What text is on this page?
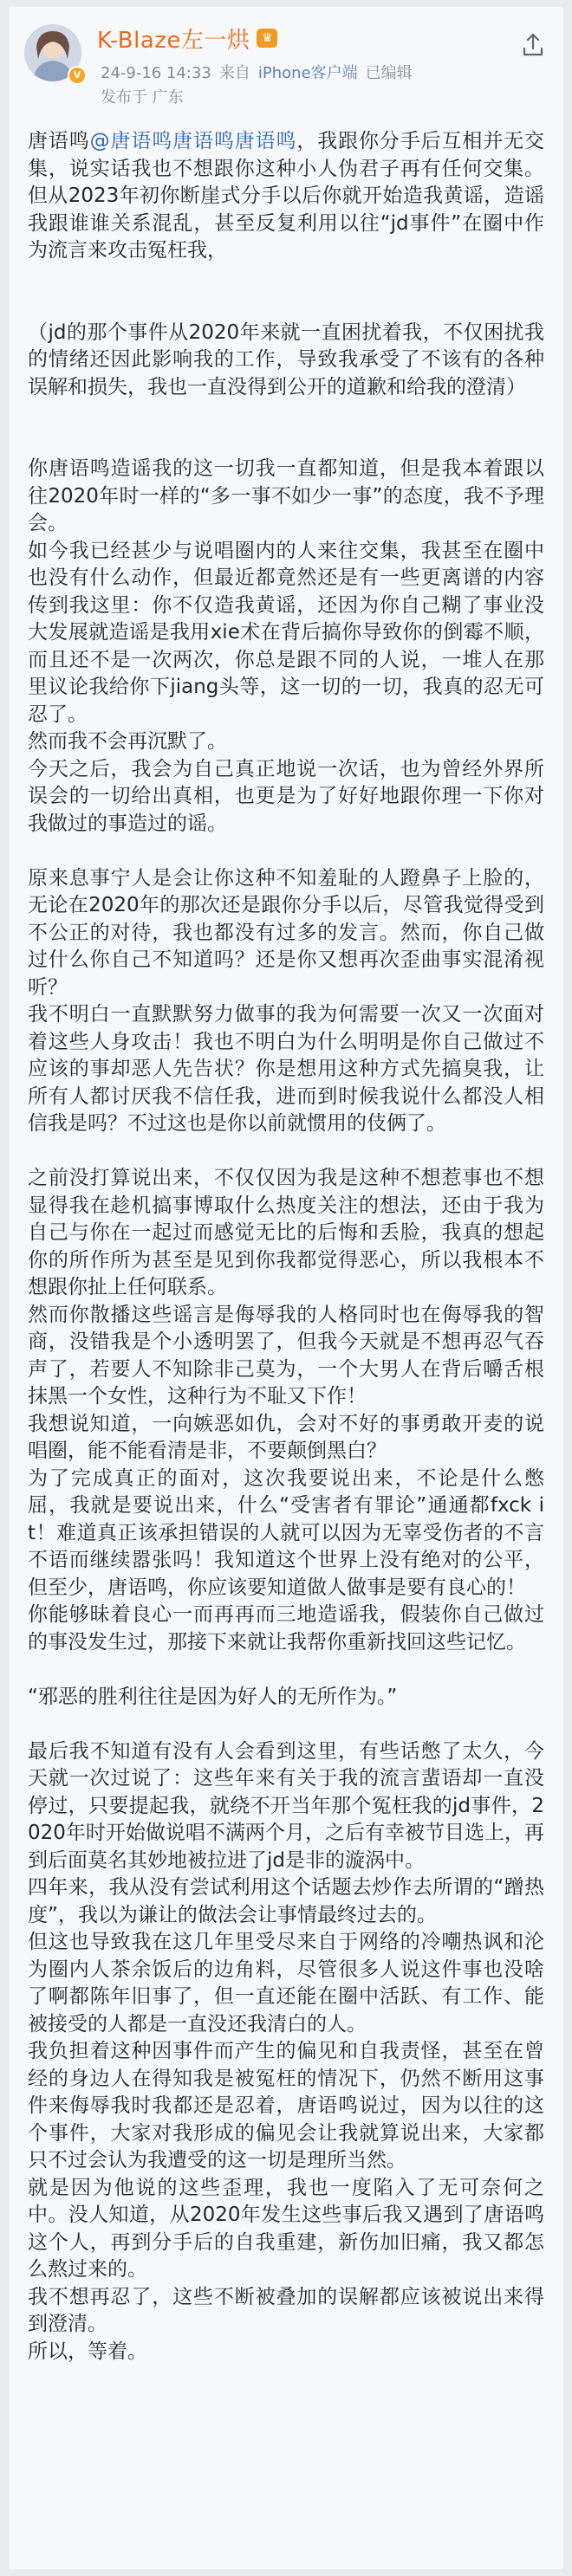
V
K-Blaze左一烘 ♛
24-9-16 14:33 来自 iPhone客户端 已编辑
发布于 广东

唐语鸣@唐语鸣唐语鸣唐语鸣，我跟你分手后互相并无交集，说实话我也不想跟你这种小人伪君子再有任何交集。但从2023年初你断崖式分手以后你就开始造我黄谣，造谣我跟谁谁关系混乱，甚至反复利用以往“jd事件”在圈中作为流言来攻击冤枉我，

（jd的那个事件从2020年来就一直困扰着我，不仅困扰我的情绪还因此影响我的工作，导致我承受了不该有的各种误解和损失，我也一直没得到公开的道歉和给我的澄清）

你唐语鸣造谣我的这一切我一直都知道，但是我本着跟以往2020年时一样的“多一事不如少一事”的态度，我不予理会。

如今我已经甚少与说唱圈内的人来往交集，我甚至在圈中也没有什么动作，但最近都竟然还是有一些更离谱的内容传到我这里：你不仅造我黄谣，还因为你自己糊了事业没大发展就造谣是我用xie术在背后搞你导致你的倒霉不顺，而且还不是一次两次，你总是跟不同的人说，一堆人在那里议论我给你下jiang头等，这一切的一切，我真的忍无可忍了。

然而我不会再沉默了。

今天之后，我会为自己真正地说一次话，也为曾经外界所误会的一切给出真相，也更是为了好好地跟你理一下你对我做过的事造过的谣。

原来息事宁人是会让你这种不知羞耻的人蹬鼻子上脸的，无论在2020年的那次还是跟你分手以后，尽管我觉得受到不公正的对待，我也都没有过多的发言。然而，你自己做过什么你自己不知道吗？还是你又想再次歪曲事实混淆视听？

我不明白一直默默努力做事的我为何需要一次又一次面对着这些人身攻击！我也不明白为什么明明是你自己做过不应该的事却恶人先告状？你是想用这种方式先搞臭我，让所有人都讨厌我不信任我，进而到时候我说什么都没人相信我是吗？不过这也是你以前就惯用的伎俩了。

之前没打算说出来，不仅仅因为我是这种不想惹事也不想显得我在趁机搞事博取什么热度关注的想法，还由于我为自己与你在一起过而感觉无比的后悔和丢脸，我真的想起你的所作所为甚至是见到你我都觉得恶心，所以我根本不想跟你扯上任何联系。

然而你散播这些谣言是侮辱我的人格同时也在侮辱我的智商，没错我是个小透明罢了，但我今天就是不想再忍气吞声了，若要人不知除非己莫为，一个大男人在背后嚼舌根抹黑一个女性，这种行为不耻又下作！

我想说知道，一向嫉恶如仇，会对不好的事勇敢开麦的说唱圈，能不能看清是非，不要颠倒黑白？

为了完成真正的面对，这次我要说出来，不论是什么憋屈，我就是要说出来，什么“受害者有罪论”通通都fxck it！难道真正该承担错误的人就可以因为无辜受伤者的不言不语而继续嚣张吗！我知道这个世界上没有绝对的公平，但至少，唐语鸣，你应该要知道做人做事是要有良心的！

你能够昧着良心一而再再而三地造谣我，假装你自己做过的事没发生过，那接下来就让我帮你重新找回这些记忆。

“邪恶的胜利往往是因为好人的无所作为。”

最后我不知道有没有人会看到这里，有些话憋了太久，今天就一次过说了：这些年来有关于我的流言蜚语却一直没停过，只要提起我，就绕不开当年那个冤枉我的jd事件，2020年时开始做说唱不满两个月，之后有幸被节目选上，再到后面莫名其妙地被拉进了jd是非的漩涡中。

四年来，我从没有尝试利用这个话题去炒作去所谓的“蹭热度”，我以为谦让的做法会让事情最终过去的。

但这也导致我在这几年里受尽来自于网络的冷嘲热讽和沦为圈内人茶余饭后的边角料，尽管很多人说这件事也没啥了啊都陈年旧事了，但一直还能在圈中活跃、有工作、能被接受的人都是一直没还我清白的人。

我负担着这种因事件而产生的偏见和自我责怪，甚至在曾经的身边人在得知我是被冤枉的情况下，仍然不断用这事件来侮辱我时我都还是忍着，唐语鸣说过，因为以往的这个事件，大家对我形成的偏见会让我就算说出来，大家都只不过会认为我遭受的这一切是理所当然。

就是因为他说的这些歪理，我也一度陷入了无可奈何之中。没人知道，从2020年发生这些事后我又遇到了唐语鸣这个人，再到分手后的自我重建，新伤加旧痛，我又都怎么熬过来的。

我不想再忍了，这些不断被叠加的误解都应该被说出来得到澄清。

所以，等着。
